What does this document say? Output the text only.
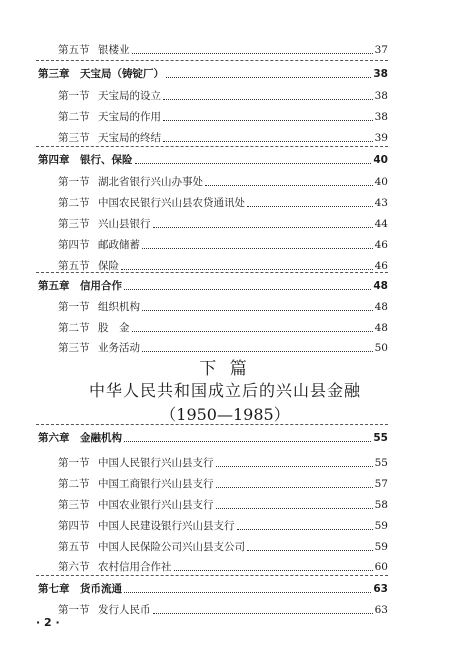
第五节 银楼业	37
第三章 天宝局（铸锭厂）	38
第一节 天宝局的设立	38
第二节 天宝局的作用	38
第三节 天宝局的终结	39
第四章 银行、保险	40
第一节 湖北省银行兴山办事处	40
第二节 中国农民银行兴山县农贷通讯处	43
第三节 兴山县银行	44
第四节 邮政储蓄	46
第五节 保险	46
第五章 信用合作	48
第一节 组织机构	48
第二节 股　金	48
第三节 业务活动	50
下 篇
中华人民共和国成立后的兴山县金融
（1950—1985）
第六章 金融机构	55
第一节 中国人民银行兴山县支行	55
第二节 中国工商银行兴山县支行	57
第三节 中国农业银行兴山县支行	58
第四节 中国人民建设银行兴山县支行	59
第五节 中国人民保险公司兴山县支公司	59
第六节 农村信用合作社	60
第七章 货币流通	63
第一节 发行人民币	63
· 2 ·
